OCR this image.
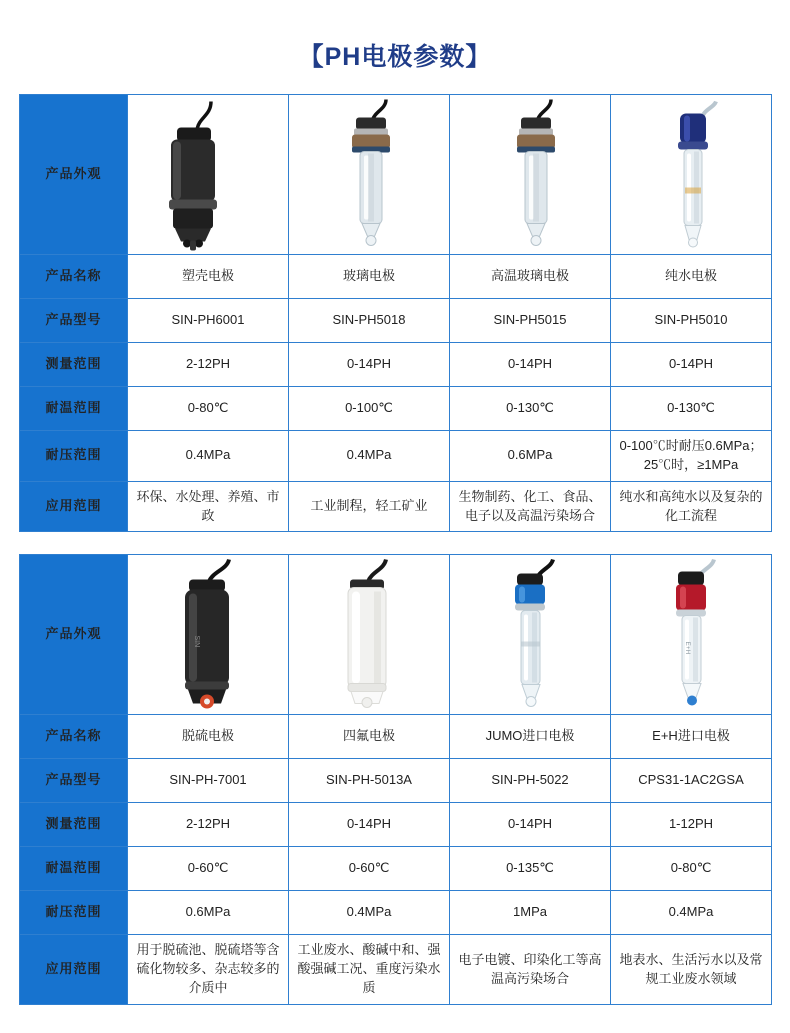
【PH电极参数】
产品外观	

产品名称	塑壳电极	玻璃电极	高温玻璃电极	纯水电极
产品型号	SIN-PH6001	SIN-PH5018	SIN-PH5015	SIN-PH5010
测量范围	2-12PH	0-14PH	0-14PH	0-14PH
耐温范围	0-80℃	0-100℃	0-130℃	0-130℃
耐压范围	0.4MPa	0.4MPa	0.6MPa	0-100℃时耐压0.6MPa；25℃时，≥1MPa
应用范围	环保、水处理、养殖、市政	工业制程，轻工矿业	生物制药、化工、食品、电子以及高温污染场合	纯水和高纯水以及复杂的化工流程
产品外观	SIN			E+H

产品名称	脱硫电极	四氟电极	JUMO进口电极	E+H进口电极
产品型号	SIN-PH-7001	SIN-PH-5013A	SIN-PH-5022	CPS31-1AC2GSA
测量范围	2-12PH	0-14PH	0-14PH	1-12PH
耐温范围	0-60℃	0-60℃	0-135℃	0-80℃
耐压范围	0.6MPa	0.4MPa	1MPa	0.4MPa
应用范围	用于脱硫池、脱硫塔等含硫化物较多、杂志较多的介质中	工业废水、酸碱中和、强酸强碱工况、重度污染水质	电子电镀、印染化工等高温高污染场合	地表水、生活污水以及常规工业废水领域
